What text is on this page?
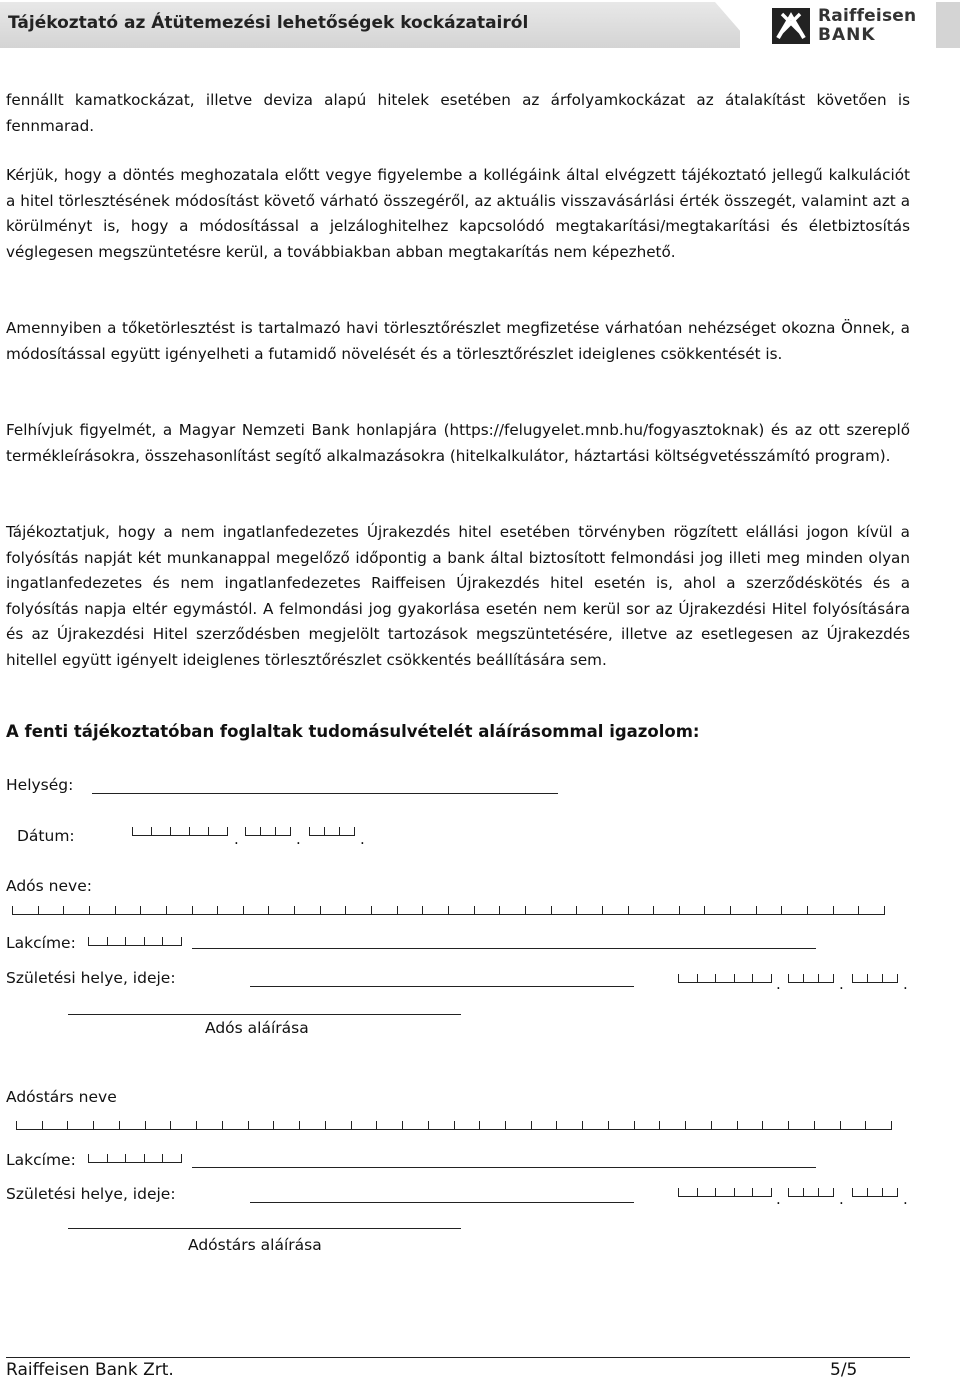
Tájékoztató az Átütemezési lehetőségek kockázatairól	Raiffeisen
BANK

fennállt kamatkockázat, illetve deviza alapú hitelek esetében az árfolyamkockázat az átalakítást követően is fennmarad.

Kérjük, hogy a döntés meghozatala előtt vegye figyelembe a kollégáink által elvégzett tájékoztató jellegű kalkulációt a hitel törlesztésének módosítást követő várható összegéről, az aktuális visszavásárlási érték összegét, valamint azt a körülményt is, hogy a módosítással a jelzáloghitelhez kapcsolódó megtakarítási/megtakarítási és életbiztosítás véglegesen megszüntetésre kerül, a továbbiakban abban megtakarítás nem képezhető.

Amennyiben a tőketörlesztést is tartalmazó havi törlesztőrészlet megfizetése várhatóan nehézséget okozna Önnek, a módosítással együtt igényelheti a futamidő növelését és a törlesztőrészlet ideiglenes csökkentését is.

Felhívjuk figyelmét, a Magyar Nemzeti Bank honlapjára (https://felugyelet.mnb.hu/fogyasztoknak) és az ott szereplő termékleírásokra, összehasonlítást segítő alkalmazásokra (hitelkalkulátor, háztartási költségvetésszámító program).

Tájékoztatjuk, hogy a nem ingatlanfedezetes Újrakezdés hitel esetében törvényben rögzített elállási jogon kívül a folyósítás napját két munkanappal megelőző időpontig a bank által biztosított felmondási jog illeti meg minden olyan ingatlanfedezetes és nem ingatlanfedezetes Raiffeisen Újrakezdés hitel esetén is, ahol a szerződéskötés és a folyósítás napja eltér egymástól. A felmondási jog gyakorlása esetén nem kerül sor az Újrakezdési Hitel folyósítására és az Újrakezdési Hitel szerződésben megjelölt tartozások megszüntetésére, illetve az esetlegesen az Újrakezdés hitellel együtt igényelt ideiglenes törlesztőrészlet csökkentés beállítására sem.

A fenti tájékoztatóban foglaltak tudomásulvételét aláírásommal igazolom:
Helység:
Dátum:	.	.	.
Adós neve:
Lakcíme:
Születési helye, ideje:	.	.	.
Adós aláírása
Adóstárs neve
Lakcíme:
Születési helye, ideje:	.	.	.
Adóstárs aláírása
Raiffeisen Bank Zrt.	5/5
